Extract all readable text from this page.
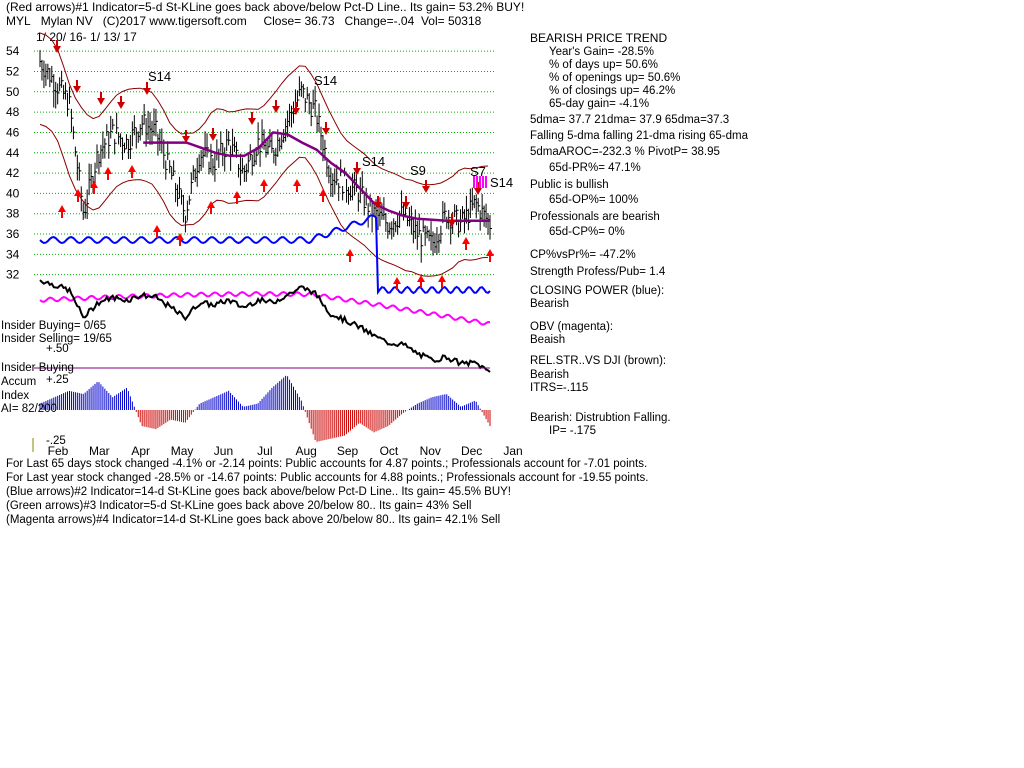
(Red arrows)#1 Indicator=5-d St-KLine goes back above/below Pct-D Line.. Its gain= 53.2% BUY!
MYL Mylan NV (C)2017 www.tigersoft.com Close= 36.73 Change=-.04 Vol= 50318
1/ 20/ 16- 1/ 13/ 17
32
34
36
38
40
42
44
46
48
50
52
54
S14	S14
S14
S9	S7
S14
Feb Mar Apr May Jun Jul Aug Sep Oct Nov Dec Jan
Insider Buying= 0/65
Insider Selling= 19/65
+.50
Insider Buying
Accum +.25
Index
AI= 82/200
-.25
BEARISH PRICE TREND
Year's Gain= -28.5%
% of days up= 50.6%
% of openings up= 50.6%
% of closings up= 46.2%
65-day gain= -4.1%
5dma= 37.7 21dma= 37.9 65dma=37.3
Falling 5-dma falling 21-dma rising 65-dma
5dmaAROC=-232.3 % PivotP= 38.95
65d-PR%= 47.1%
Public is bullish
65d-OP%= 100%
Professionals are bearish
65d-CP%= 0%
CP%vsPr%= -47.2%
Strength Profess/Pub= 1.4
CLOSING POWER (blue):
Bearish
OBV (magenta):
Beaish
REL.STR..VS DJI (brown):
Bearish
ITRS=-.115
Bearish: Distrubtion Falling.
IP= -.175
For Last 65 days stock changed -4.1% or -2.14 points: Public accounts for 4.87 points.; Professionals account for -7.01 points.
For Last year stock changed -28.5% or -14.67 points: Public accounts for 4.88 points.; Professionals account for -19.55 points.
(Blue arrows)#2 Indicator=14-d St-KLine goes back above/below Pct-D Line.. Its gain= 45.5% BUY!
(Green arrows)#3 Indicator=5-d St-KLine goes back above 20/below 80.. Its gain= 43% Sell
(Magenta arrows)#4 Indicator=14-d St-KLine goes back above 20/below 80.. Its gain= 42.1% Sell
